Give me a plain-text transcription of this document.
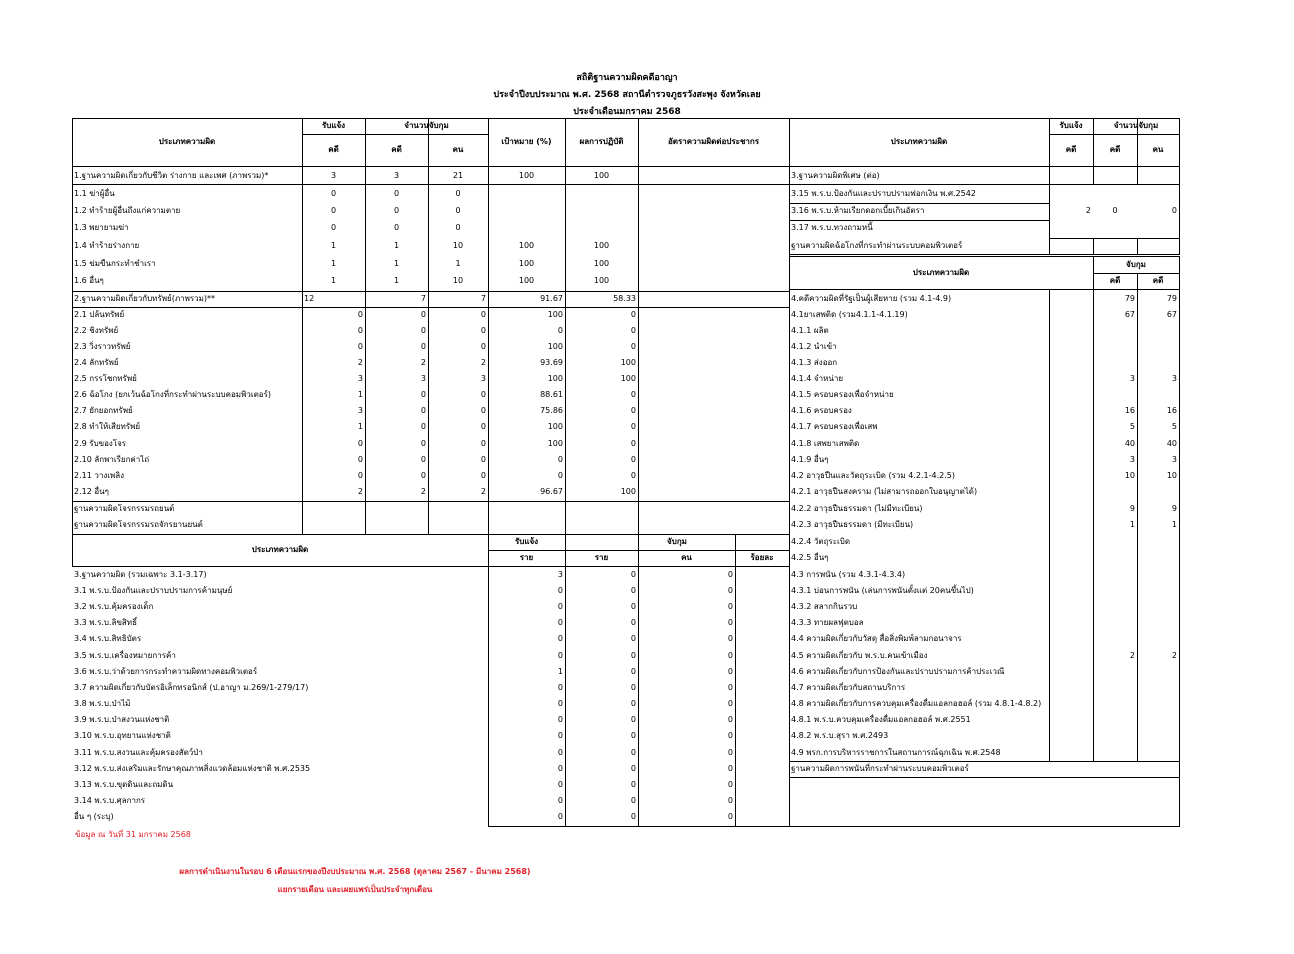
สถิติฐานความผิดคดีอาญา
ประจำปีงบประมาณ พ.ศ. 2568 สถานีตำรวจภูธรวังสะพุง จังหวัดเลย
ประจำเดือนมกราคม 2568
ประเภทความผิด
รับแจ้ง	จำนวนจับกุม
คดี	คดี	คน
เป้าหมาย (%)	ผลการปฏิบัติ	อัตราความผิดต่อประชากร
1.ฐานความผิดเกี่ยวกับชีวิต ร่างกาย และเพศ (ภาพรวม)*	3	3	21	100	100
1.1 ฆ่าผู้อื่น	0	0	0
1.2 ทำร้ายผู้อื่นถึงแก่ความตาย	0	0	0
1.3 พยายามฆ่า	0	0	0
1.4 ทำร้ายร่างกาย	1	1	10	100	100
1.5 ข่มขืนกระทำชำเรา	1	1	1	100	100
1.6 อื่นๆ	1	1	10	100	100
2.ฐานความผิดเกี่ยวกับทรัพย์(ภาพรวม)**	12	7	7	91.67	58.33
2.1 ปล้นทรัพย์	0	0	0	100	0
2.2 ชิงทรัพย์	0	0	0	0	0
2.3 วิ่งราวทรัพย์	0	0	0	100	0
2.4 ลักทรัพย์	2	2	2	93.69	100
2.5 กรรโชกทรัพย์	3	3	3	100	100
2.6 ฉ้อโกง (ยกเว้นฉ้อโกงที่กระทำผ่านระบบคอมพิวเตอร์)	1	0	0	88.61	0
2.7 ยักยอกทรัพย์	3	0	0	75.86	0
2.8 ทำให้เสียทรัพย์	1	0	0	100	0
2.9 รับของโจร	0	0	0	100	0
2.10 ลักพาเรียกค่าไถ่	0	0	0	0	0
2.11 วางเพลิง	0	0	0	0	0
2.12 อื่นๆ	2	2	2	96.67	100
ฐานความผิดโจรกรรมรถยนต์
ฐานความผิดโจรกรรมรถจักรยานยนต์
ประเภทความผิด
รับแจ้ง	จับกุม
ราย	ราย	คน	ร้อยละ
3.ฐานความผิด (รวมเฉพาะ 3.1-3.17)	3	0	0
3.1 พ.ร.บ.ป้องกันและปราบปรามการค้ามนุษย์	0	0	0
3.2 พ.ร.บ.คุ้มครองเด็ก	0	0	0
3.3 พ.ร.บ.ลิขสิทธิ์	0	0	0
3.4 พ.ร.บ.สิทธิบัตร	0	0	0
3.5 พ.ร.บ.เครื่องหมายการค้า	0	0	0
3.6 พ.ร.บ.ว่าด้วยการกระทำความผิดทางคอมพิวเตอร์	1	0	0
3.7 ความผิดเกี่ยวกับบัตรอิเล็กทรอนิกส์ (ป.อาญา ม.269/1-279/17)	0	0	0
3.8 พ.ร.บ.ป่าไม้	0	0	0
3.9 พ.ร.บ.ป่าสงวนแห่งชาติ	0	0	0
3.10 พ.ร.บ.อุทยานแห่งชาติ	0	0	0
3.11 พ.ร.บ.สงวนและคุ้มครองสัตว์ป่า	0	0	0
3.12 พ.ร.บ.ส่งเสริมและรักษาคุณภาพสิ่งแวดล้อมแห่งชาติ พ.ศ.2535	0	0	0
3.13 พ.ร.บ.ขุดดินและถมดิน	0	0	0
3.14 พ.ร.บ.ศุลกากร	0	0	0
อื่น ๆ (ระบุ)	0	0	0
ประเภทความผิด
รับแจ้ง	จำนวนจับกุม
คดี	คดี	คน
3.ฐานความผิดพิเศษ (ต่อ)
3.15 พ.ร.บ.ป้องกันและปราบปรามฟอกเงิน พ.ศ.2542
3.16 พ.ร.บ.ห้ามเรียกดอกเบี้ยเกินอัตรา
3.17 พ.ร.บ.ทวงถามหนี้
ฐานความผิดฉ้อโกงที่กระทำผ่านระบบคอมพิวเตอร์
2	0	0
ประเภทความผิด
จับกุม
คดี	คดี
4.คดีความผิดที่รัฐเป็นผู้เสียหาย (รวม 4.1-4.9)	79	79
4.1ยาเสพติด (รวม4.1.1-4.1.19)	67	67
4.1.1 ผลิต
4.1.2 นำเข้า
4.1.3 ส่งออก
4.1.4 จำหน่าย	3	3
4.1.5 ครอบครองเพื่อจำหน่าย
4.1.6 ครอบครอง	16	16
4.1.7 ครอบครองเพื่อเสพ	5	5
4.1.8 เสพยาเสพติด	40	40
4.1.9 อื่นๆ	3	3
4.2 อาวุธปืนและวัตถุระเบิด (รวม 4.2.1-4.2.5)	10	10
4.2.1 อาวุธปืนสงคราม (ไม่สามารถออกใบอนุญาตได้)
4.2.2 อาวุธปืนธรรมดา (ไม่มีทะเบียน)	9	9
4.2.3 อาวุธปืนธรรมดา (มีทะเบียน)	1	1
4.2.4 วัตถุระเบิด
4.2.5 อื่นๆ
4.3 การพนัน (รวม 4.3.1-4.3.4)
4.3.1 บ่อนการพนัน (เล่นการพนันตั้งแต่ 20คนขึ้นไป)
4.3.2 สลากกินรวบ
4.3.3 ทายผลฟุตบอล
4.4 ความผิดเกี่ยวกับวัสดุ สื่อสิ่งพิมพ์ลามกอนาจาร
4.5 ความผิดเกี่ยวกับ พ.ร.บ.คนเข้าเมือง	2	2
4.6 ความผิดเกี่ยวกับการป้องกันและปราบปรามการค้าประเวณี
4.7 ความผิดเกี่ยวกับสถานบริการ
4.8 ความผิดเกี่ยวกับการควบคุมเครื่องดื่มแอลกอฮอล์ (รวม 4.8.1-4.8.2)
4.8.1 พ.ร.บ.ควบคุมเครื่องดื่มแอลกอฮอล์ พ.ศ.2551
4.8.2 พ.ร.บ.สุรา พ.ศ.2493
4.9 พรก.การบริหารราชการในสถานการณ์ฉุกเฉิน พ.ศ.2548
ฐานความผิดการพนันที่กระทำผ่านระบบคอมพิวเตอร์
ข้อมูล ณ วันที่ 31 มกราคม 2568
ผลการดำเนินงานในรอบ 6 เดือนแรกของปีงบประมาณ พ.ศ. 2568 (ตุลาคม 2567 - มีนาคม 2568)
แยกรายเดือน และเผยแพร่เป็นประจำทุกเดือน
